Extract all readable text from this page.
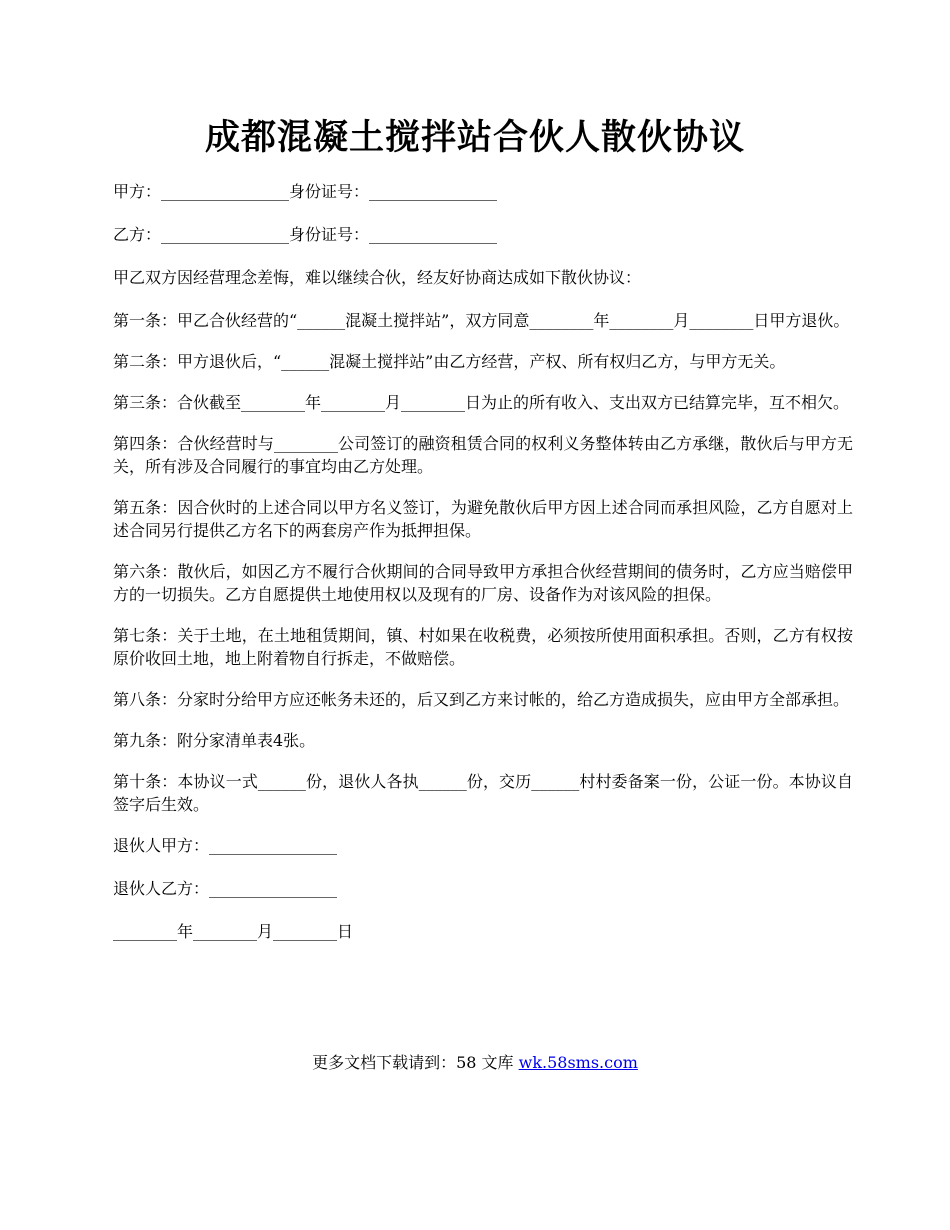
成都混凝土搅拌站合伙人散伙协议

甲方：________________身份证号：________________

乙方：________________身份证号：________________

甲乙双方因经营理念差悔，难以继续合伙，经友好协商达成如下散伙协议：

第一条：甲乙合伙经营的“______混凝土搅拌站”，双方同意________年________月________日甲方退伙。

第二条：甲方退伙后，“______混凝土搅拌站”由乙方经营，产权、所有权归乙方，与甲方无关。

第三条：合伙截至________年________月________日为止的所有收入、支出双方已结算完毕，互不相欠。

第四条：合伙经营时与________公司签订的融资租赁合同的权利义务整体转由乙方承继，散伙后与甲方无关，所有涉及合同履行的事宜均由乙方处理。

第五条：因合伙时的上述合同以甲方名义签订，为避免散伙后甲方因上述合同而承担风险，乙方自愿对上述合同另行提供乙方名下的两套房产作为抵押担保。

第六条：散伙后，如因乙方不履行合伙期间的合同导致甲方承担合伙经营期间的债务时，乙方应当赔偿甲方的一切损失。乙方自愿提供土地使用权以及现有的厂房、设备作为对该风险的担保。

第七条：关于土地，在土地租赁期间，镇、村如果在收税费，必须按所使用面积承担。否则，乙方有权按原价收回土地，地上附着物自行拆走，不做赔偿。

第八条：分家时分给甲方应还帐务未还的，后又到乙方来讨帐的，给乙方造成损失，应由甲方全部承担。

第九条：附分家清单表4张。

第十条：本协议一式______份，退伙人各执______份，交历______村村委备案一份，公证一份。本协议自签字后生效。

退伙人甲方：________________

退伙人乙方：________________

________年________月________日

更多文档下载请到：58 文库 wk.58sms.com
